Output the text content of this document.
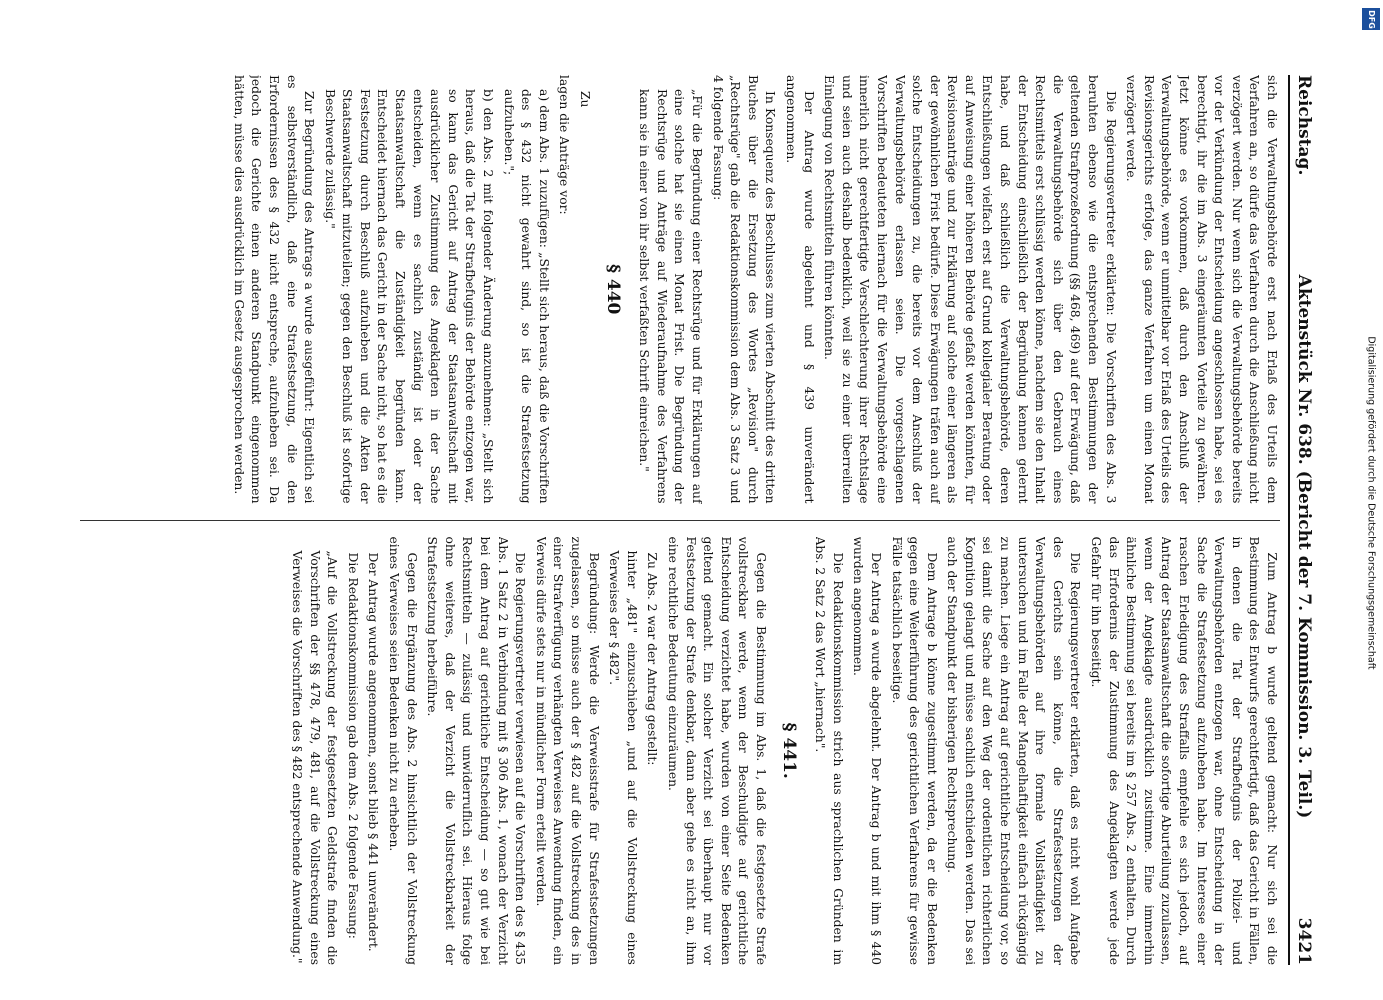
DFG
Digitalisierung gefördert durch die Deutsche Forschungsgemeinschaft
Reichstag.
Aktenstück Nr. 638. (Bericht der 7. Kommission. 3. Teil.)
3421

sich die Verwaltungsbehörde erst nach Erlaß des Urteils dem Verfahren an, so dürfe das Verfahren durch die Anschließung nicht verzögert werden. Nur wenn sich die Verwaltungsbehörde bereits vor der Verkündung der Entscheidung angeschlossen habe, sei es berechtigt, ihr die im Abs. 3 eingeräumten Vorteile zu gewähren. Jetzt könne es vorkommen, daß durch den Anschluß der Verwaltungsbehörde, wenn er unmittelbar vor Erlaß des Urteils des Revisionsgerichts erfolge, das ganze Verfahren um einen Monat verzögert werde.

Die Regierungsvertreter erklärten: Die Vorschriften des Abs. 3 beruhten ebenso wie die entsprechenden Bestimmungen der geltenden Strafprozeßordnung (§§ 468, 469) auf der Erwägung, daß die Verwaltungsbehörde sich über den Gebrauch eines Rechtsmittels erst schlüssig werden könne, nachdem sie den Inhalt der Entscheidung einschließlich der Begründung kennen gelernt habe, und daß schließlich die Verwaltungsbehörde, deren Entschließungen vielfach erst auf Grund kollegialer Beratung oder auf Anweisung einer höheren Behörde gefaßt werden könnten, für Revisionsanträge und zur Erklärung auf solche einer längeren als der gewöhnlichen Frist bedürfe. Diese Erwägungen träfen auch auf solche Entscheidungen zu, die bereits vor dem Anschluß der Verwaltungsbehörde erlassen seien. Die vorgeschlagenen Vorschriften bedeuteten hiernach für die Verwaltungsbehörde eine innerlich nicht gerechtfertigte Verschlechterung ihrer Rechtslage und seien auch deshalb bedenklich, weil sie zu einer überreilten Einlegung von Rechtsmitteln führen könnten.

Der Antrag wurde abgelehnt und § 439 unverändert angenommen.

In Konsequenz des Beschlusses zum vierten Abschnitt des dritten Buches über die Ersetzung des Wortes „Revision" durch „Rechtsrüge" gab die Redaktionskommission dem Abs. 3 Satz 3 und 4 folgende Fassung:

„Für die Begründung einer Rechtsrüge und für Erklärungen auf eine solche hat sie einen Monat Frist. Die Begründung der Rechtsrüge und Anträge auf Wiederaufnahme des Verfahrens kann sie in einer von ihr selbst verfaßten Schrift einreichen."

§ 440

Zu

lagen die Anträge vor:

a) dem Abs. 1 zuzufügen: „Stellt sich heraus, daß die Vorschriften des § 432 nicht gewahrt sind, so ist die Strafestsetzung aufzuheben.";

b) den Abs. 2 mit folgender Änderung anzunehmen: „Stellt sich heraus, daß die Tat der Strafbefugnis der Behörde entzogen war, so kann das Gericht auf Antrag der Staatsanwaltschaft mit ausdrücklicher Zustimmung des Angeklagten in der Sache entscheiden, wenn es sachlich zuständig ist oder der Staatsanwaltschaft die Zuständigkeit begründen kann. Entscheidet hiernach das Gericht in der Sache nicht, so hat es die Festsetzung durch Beschluß aufzuheben und die Akten der Staatsanwaltschaft mitzuteilen; gegen den Beschluß ist sofortige Beschwerde zulässig."

Zur Begründung des Antrags a wurde ausgeführt: Eigentlich sei es selbstverständlich, daß eine Strafestsetzung, die den Erfordernissen des § 432 nicht entspreche, aufzuheben sei. Da jedoch die Gerichte einen anderen Standpunkt eingenommen hätten, müsse dies ausdrücklich im Gesetz ausgesprochen werden.

Zum Antrag b wurde geltend gemacht: Nur sich sei die Bestimmung des Entwurfs gerechtfertigt, daß das Gericht in Fällen, in denen die Tat der Strafbefugnis der Polizei- und Verwaltungsbehörden entzogen war, ohne Entscheidung in der Sache die Strafestsetzung aufzuheben habe. Im Interesse einer raschen Erledigung des Straffalls empfehle es sich jedoch, auf Antrag der Staatsanwaltschaft die sofortige Aburteilung zuzulassen, wenn der Angeklagte ausdrücklich zustimme. Eine immerhin ähnliche Bestimmung sei bereits im § 257 Abs. 2 enthalten. Durch das Erfordernis der Zustimmung des Angeklagten werde jede Gefahr für ihn beseitigt.

Die Regierungsvertreter erklärten, daß es nicht wohl Aufgabe des Gerichts sein könne, die Strafestsetzungen der Verwaltungsbehörden auf ihre formale Vollständigkeit zu untersuchen und im Falle der Mangelhaftigkeit einfach rückgängig zu machen. Liege ein Antrag auf gerichtliche Entscheidung vor, so sei damit die Sache auf den Weg der ordentlichen richterlichen Kognition gelangt und müsse sachlich entschieden werden. Das sei auch der Standpunkt der bisherigen Rechtsprechung.

Dem Antrage b könne zugestimmt werden, da er die Bedenken gegen eine Weiterführung des gerichtlichen Verfahrens für gewisse Fälle tatsächlich beseitige.

Der Antrag a wurde abgelehnt. Der Antrag b und mit ihm § 440 wurden angenommen.

Die Redaktionskommission strich aus sprachlichen Gründen im Abs. 2 Satz 2 das Wort „hiernach".

§ 441.

Gegen die Bestimmung im Abs. 1, daß die festgesetzte Strafe vollstreckbar werde, wenn der Beschuldigte auf gerichtliche Entscheidung verzichtet habe, wurden von einer Seite Bedenken geltend gemacht. Ein solcher Verzicht sei überhaupt nur vor Festsetzung der Strafe denkbar, dann aber gehe es nicht an, ihm eine rechtliche Bedeutung einzuräumen.

Zu Abs. 2 war der Antrag gestellt:

hinter „481" einzuschieben „und auf die Vollstreckung eines Verweises der § 482".

Begründung: Werde die Verweisstrafe für Strafestsetzungen zugelassen, so müsse auch der § 482 auf die Vollstreckung des in einer Strafverfügung verhängten Verweises Anwendung finden, ein Verweis dürfe stets nur in mündlicher Form erteilt werden.

Die Regierungsvertreter verwiesen auf die Vorschriften des § 435 Abs. 1 Satz 2 in Verbindung mit § 306 Abs. 1, wonach der Verzicht bei dem Antrag auf gerichtliche Entscheidung — so gut wie bei Rechtsmitteln — zulässig und unwiderruflich sei. Hieraus folge ohne weiteres, daß der Verzicht die Vollstreckbarkeit der Strafestsetzung herbeiführe.

Gegen die Ergänzung des Abs. 2 hinsichtlich der Vollstreckung eines Verweises seien Bedenken nicht zu erheben.

Der Antrag wurde angenommen, sonst blieb § 441 unverändert.

Die Redaktionskommission gab dem Abs. 2 folgende Fassung:

„Auf die Vollstreckung der festgesetzten Geldstrafe finden die Vorschriften der §§ 478, 479, 481, auf die Vollstreckung eines Verweises die Vorschriften des § 482 entsprechende Anwendung."
